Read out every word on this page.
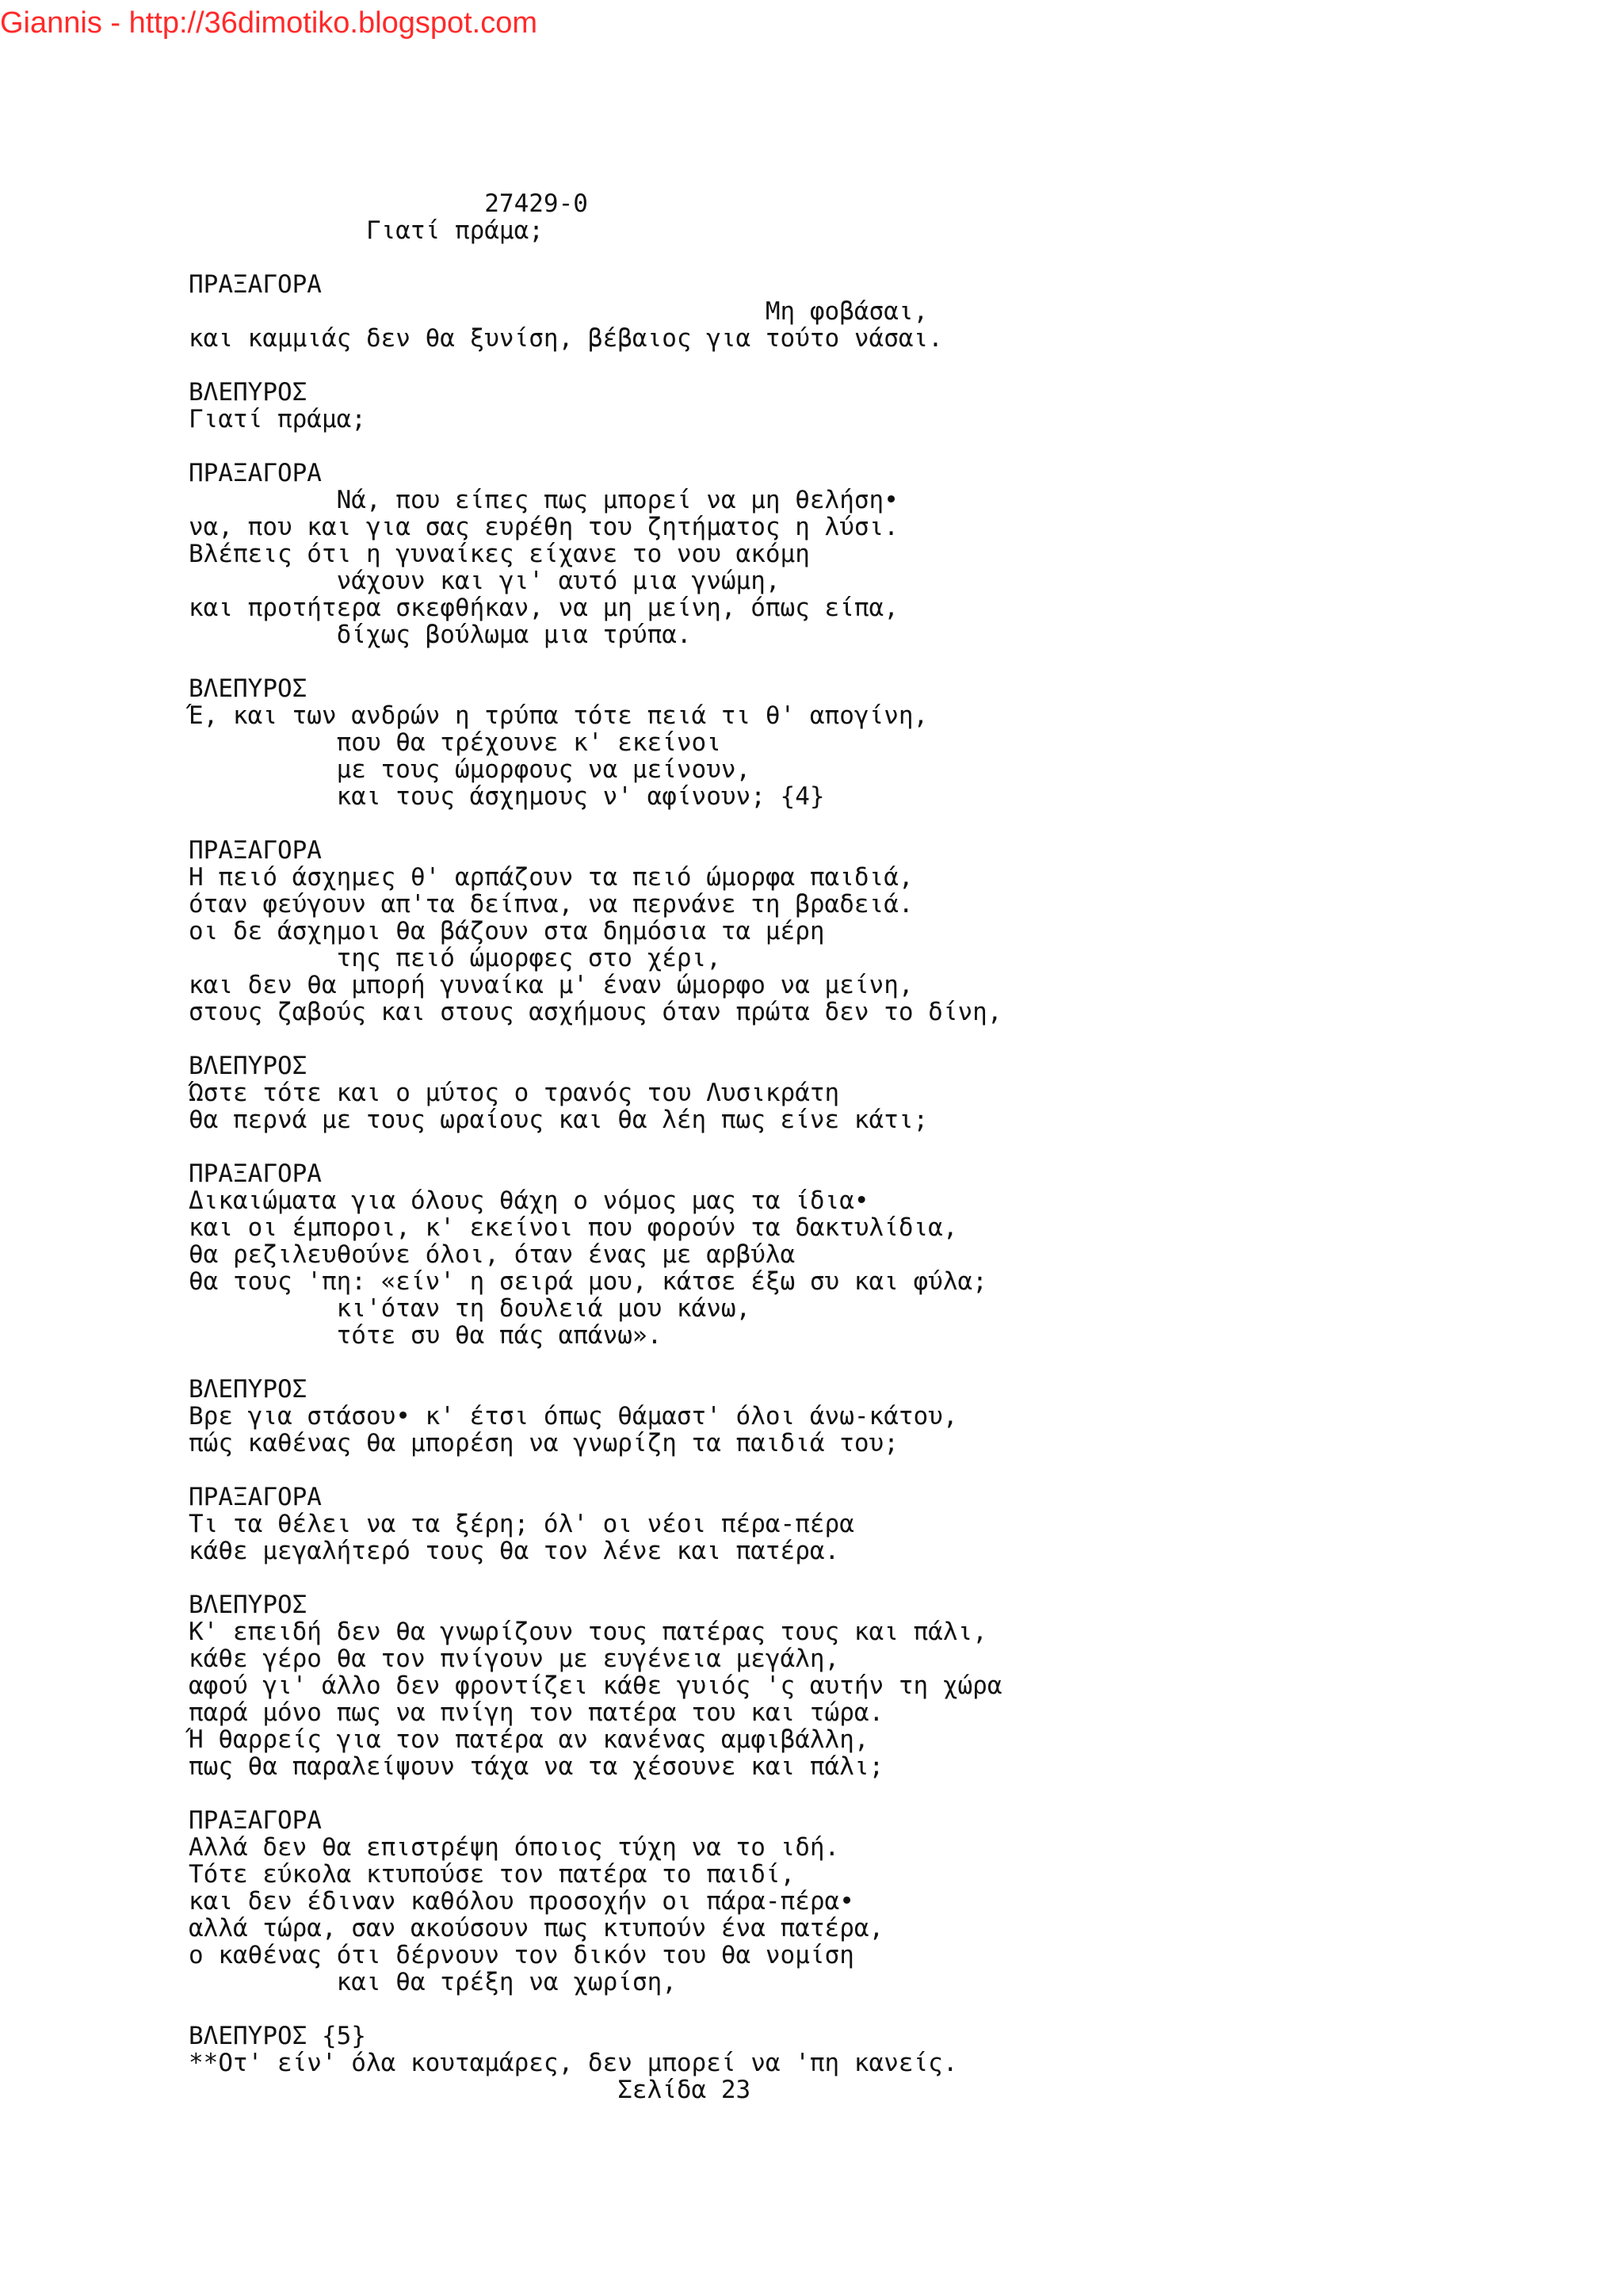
Giannis - http://36dimotiko.blogspot.com
27429-0
Γιατί πράμα;
ΠΡΑΞΑΓΟΡΑ
Μη φοβάσαι,
και καμμιάς δεν θα ξυνίση, βέβαιος για τούτο νάσαι.
ΒΛΕΠΥΡΟΣ
Γιατί πράμα;
ΠΡΑΞΑΓΟΡΑ
Νά, που είπες πως μπορεί να μη θελήση•
να, που και για σας ευρέθη του ζητήματος η λύσι.
Βλέπεις ότι η γυναίκες είχανε το νου ακόμη
νάχουν και γι' αυτό μια γνώμη,
και προτήτερα σκεφθήκαν, να μη μείνη, όπως είπα,
δίχως βούλωμα μια τρύπα.
ΒΛΕΠΥΡΟΣ
Έ, και των ανδρών η τρύπα τότε πειά τι θ' απογίνη,
που θα τρέχουνε κ' εκείνοι
με τους ώμορφους να μείνουν,
και τους άσχημους ν' αφίνουν; {4}
ΠΡΑΞΑΓΟΡΑ
Η πειό άσχημες θ' αρπάζουν τα πειό ώμορφα παιδιά,
όταν φεύγουν απ'τα δείπνα, να περνάνε τη βραδειά.
οι δε άσχημοι θα βάζουν στα δημόσια τα μέρη
της πειό ώμορφες στο χέρι,
και δεν θα μπορή γυναίκα μ' έναν ώμορφο να μείνη,
στους ζαβούς και στους ασχήμους όταν πρώτα δεν το δίνη,
ΒΛΕΠΥΡΟΣ
Ώστε τότε και ο μύτος ο τρανός του Λυσικράτη
θα περνά με τους ωραίους και θα λέη πως είνε κάτι;
ΠΡΑΞΑΓΟΡΑ
Δικαιώματα για όλους θάχη ο νόμος μας τα ίδια•
και οι έμποροι, κ' εκείνοι που φορούν τα δακτυλίδια,
θα ρεζιλευθούνε όλοι, όταν ένας με αρβύλα
θα τους 'πη: «είν' η σειρά μου, κάτσε έξω συ και φύλα;
κι'όταν τη δουλειά μου κάνω,
τότε συ θα πάς απάνω».
ΒΛΕΠΥΡΟΣ
Βρε για στάσου• κ' έτσι όπως θάμαστ' όλοι άνω-κάτου,
πώς καθένας θα μπορέση να γνωρίζη τα παιδιά του;
ΠΡΑΞΑΓΟΡΑ
Τι τα θέλει να τα ξέρη; όλ' οι νέοι πέρα-πέρα
κάθε μεγαλήτερό τους θα τον λένε και πατέρα.
ΒΛΕΠΥΡΟΣ
Κ' επειδή δεν θα γνωρίζουν τους πατέρας τους και πάλι,
κάθε γέρο θα τον πνίγουν με ευγένεια μεγάλη,
αφού γι' άλλο δεν φροντίζει κάθε γυιός 'ς αυτήν τη χώρα
παρά μόνο πως να πνίγη τον πατέρα του και τώρα.
Ή θαρρείς για τον πατέρα αν κανένας αμφιβάλλη,
πως θα παραλείψουν τάχα να τα χέσουνε και πάλι;
ΠΡΑΞΑΓΟΡΑ
Αλλά δεν θα επιστρέψη όποιος τύχη να το ιδή.
Τότε εύκολα κτυπούσε τον πατέρα το παιδί,
και δεν έδιναν καθόλου προσοχήν οι πάρα-πέρα•
αλλά τώρα, σαν ακούσουν πως κτυπούν ένα πατέρα,
ο καθένας ότι δέρνουν τον δικόν του θα νομίση
και θα τρέξη να χωρίση,
ΒΛΕΠΥΡΟΣ {5}
**Οτ' είν' όλα κουταμάρες, δεν μπορεί να 'πη κανείς.
Σελίδα 23
